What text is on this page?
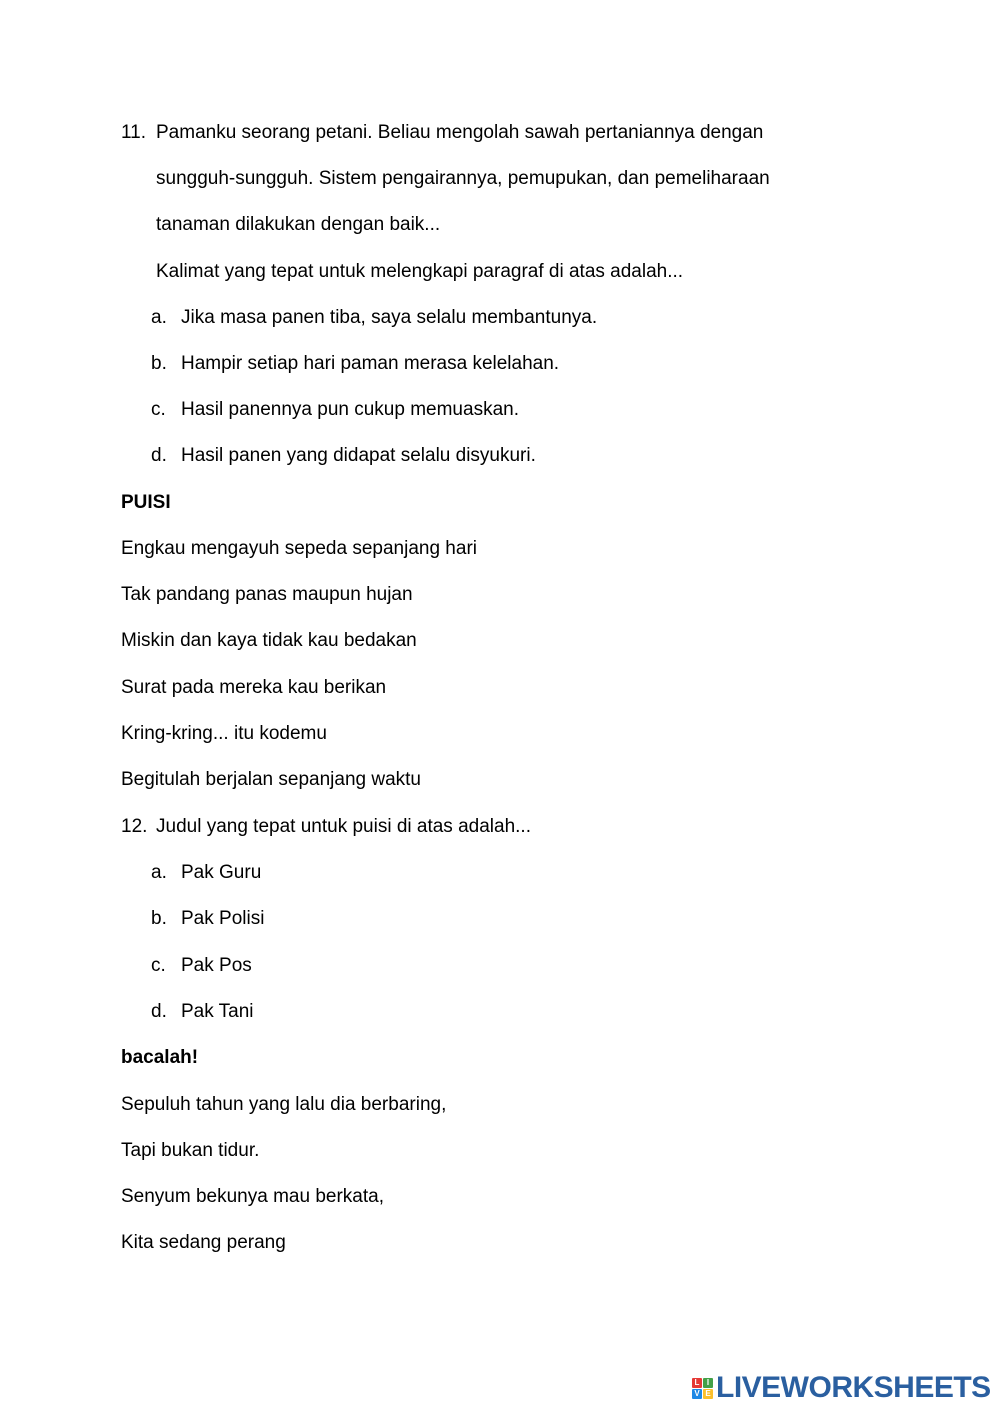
11. Pamanku seorang petani. Beliau mengolah sawah pertaniannya dengan
sungguh-sungguh. Sistem pengairannya, pemupukan, dan pemeliharaan
tanaman dilakukan dengan baik...
Kalimat yang tepat untuk melengkapi paragraf di atas adalah...
a. Jika masa panen tiba, saya selalu membantunya.
b. Hampir setiap hari paman merasa kelelahan.
c. Hasil panennya pun cukup memuaskan.
d. Hasil panen yang didapat selalu disyukuri.
PUISI
Engkau mengayuh sepeda sepanjang hari
Tak pandang panas maupun hujan
Miskin dan kaya tidak kau bedakan
Surat pada mereka kau berikan
Kring-kring... itu kodemu
Begitulah berjalan sepanjang waktu
12. Judul yang tepat untuk puisi di atas adalah...
a. Pak Guru
b. Pak Polisi
c. Pak Pos
d. Pak Tani
bacalah!
Sepuluh tahun yang lalu dia berbaring,
Tapi bukan tidur.
Senyum bekunya mau berkata,
Kita sedang perang
L I
V E LIVEWORKSHEETS
